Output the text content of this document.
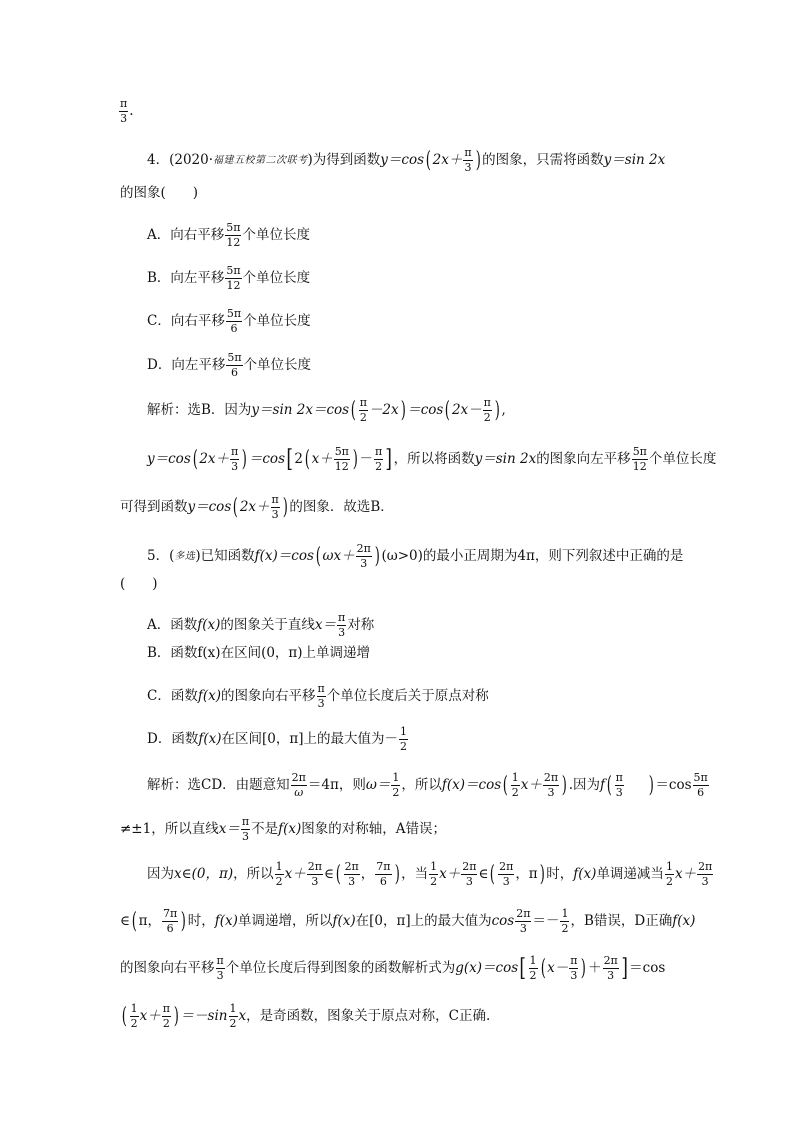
$\frac{\pi}{3}$ .
4．(2020· 福建五校第二次联考 )为得到函数 y＝cos ( $2x+ \frac{\pi}{3}$ ) 的图象，只需将函数 y＝sin 2x
的图象(　　)
A．向右平移 $\frac{5\pi}{12}$ 个单位长度
B．向左平移 $\frac{5\pi}{12}$ 个单位长度
C．向右平移 $\frac{5\pi}{6}$ 个单位长度
D．向左平移 $\frac{5\pi}{6}$ 个单位长度
解析：选B．因为 y＝sin 2x＝cos ( $\frac{\pi}{2} -2x$ ) ＝cos ( $2x- \frac{\pi}{2}$ ) ,
y＝cos ( $2x+ \frac{\pi}{3}$ ) ＝cos [ 2 ( $x+ \frac{5\pi}{12}$ ) － $\frac{\pi}{2}$ ] ，所以将函数 y＝sin 2x 的图象向左平移 $\frac{5\pi}{12}$ 个单位长度
可得到函数 y＝cos ( $2x+ \frac{\pi}{3}$ ) 的图象．故选B．
5．( 多选 )已知函数 f(x)＝cos ( $\omega x+ \frac{2\pi}{3}$ ) (ω>0)的最小正周期为4π，则下列叙述中正确的是
(　　)
A．函数 f(x) 的图象关于直线 $x= \frac{\pi}{3}$ 对称
B．函数f(x)在区间(0，π)上单调递增
C．函数 f(x) 的图象向右平移 $\frac{\pi}{3}$ 个单位长度后关于原点对称
D．函数 f(x) 在区间[0，π]上的最大值为－ $\frac{1}{2}$
解析：选CD．由题意知 $\frac{2\pi}{\omega} =4\pi$，则 $\omega= \frac{1}{2}$ ，所以 f(x)＝cos ( $\frac{1}{2} x+ \frac{2\pi}{3}$ ) .因为 f ( $\frac{\pi}{3}$ ) $=\cos \frac{5\pi}{6}$
≠±1，所以直线 $x= \frac{\pi}{3}$ 不是 f(x) 图象的对称轴，A错误；
因为 x∈(0，π) ，所以 $\frac{1}{2} x+ \frac{2\pi}{3}$ ∈ ( $\frac{2\pi}{3}$ ， $\frac{7\pi}{6}$ ) ，当 $\frac{1}{2} x+ \frac{2\pi}{3}$ ∈ ( $\frac{2\pi}{3}$ ，π ) 时， f(x) 单调递减当 $\frac{1}{2} x+ \frac{2\pi}{3}$
∈ ( π， $\frac{7\pi}{6}$ ) 时， f(x) 单调递增，所以 f(x) 在[0，π]上的最大值为 $\cos \frac{2\pi}{3} =- \frac{1}{2}$ ，B错误，D正确 f(x)
的图象向右平移 $\frac{\pi}{3}$ 个单位长度后得到图象的函数解析式为 g(x)＝cos [ $\frac{1}{2}$ ( $x- \frac{\pi}{3}$ ) ＋ $\frac{2\pi}{3}$ ] ＝cos
( $\frac{1}{2} x+ \frac{\pi}{2}$ ) $=-\sin \frac{1}{2}$ x ，是奇函数，图象关于原点对称，C正确.
